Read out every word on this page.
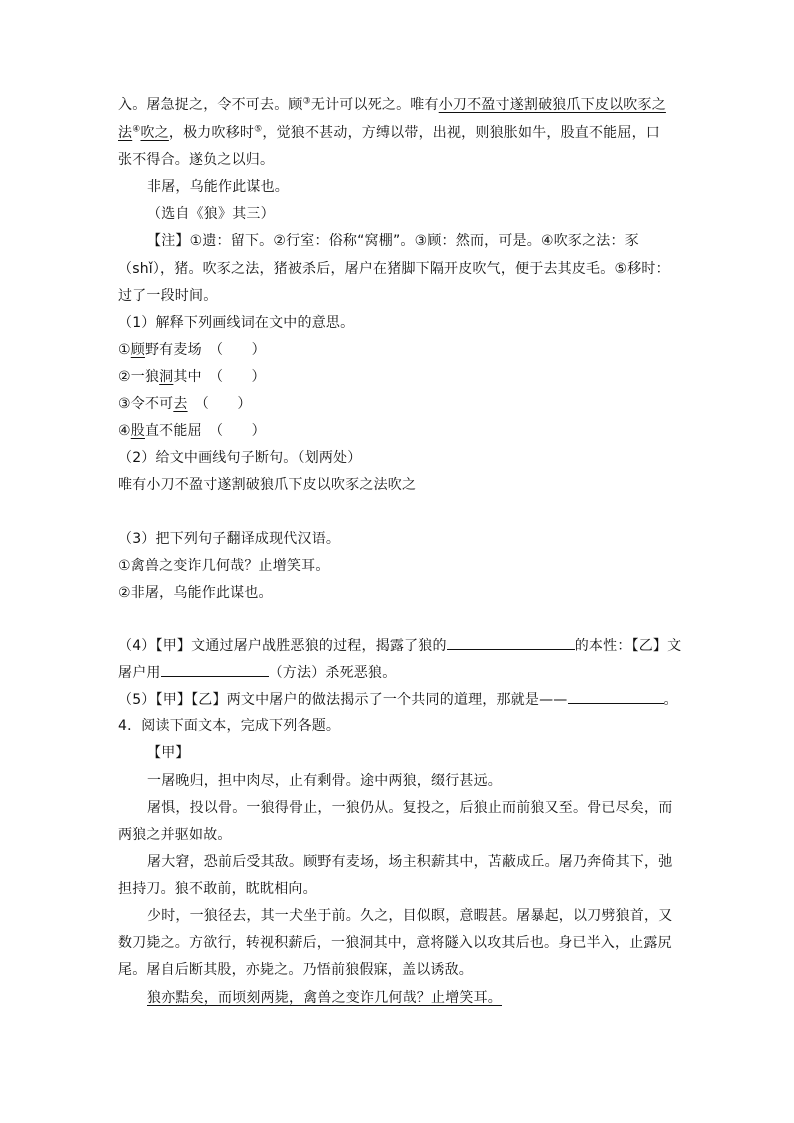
入。屠急捉之，令不可去。顾③无计可以死之。唯有小刀不盈寸遂割破狼爪下皮以吹豕之
法④吹之，极力吹移时⑤，觉狼不甚动，方缚以带，出视，则狼胀如牛，股直不能屈，口
张不得合。遂负之以归。
非屠，乌能作此谋也。
（选自《狼》其三）
【注】①遗：留下。②行室：俗称“窝棚”。③顾：然而，可是。④吹豕之法：豕
（shǐ），猪。吹豕之法，猪被杀后，屠户在猪脚下隔开皮吹气，便于去其皮毛。⑤移时：
过了一段时间。
（1）解释下列画线词在文中的意思。
①顾野有麦场　（　　）
②一狼洞其中　（　　）
③令不可去　（　　）
④股直不能屈　（　　）
（2）给文中画线句子断句。（划两处）
唯有小刀不盈寸遂割破狼爪下皮以吹豕之法吹之
（3）把下列句子翻译成现代汉语。
①禽兽之变诈几何哉？止增笑耳。
②非屠，乌能作此谋也。
（4）【甲】文通过屠户战胜恶狼的过程，揭露了狼的	的本性：【乙】文
屠户用	（方法）杀死恶狼。
（5）【甲】【乙】两文中屠户的做法揭示了一个共同的道理，那就是——	。
4．阅读下面文本，完成下列各题。
【甲】
一屠晚归，担中肉尽，止有剩骨。途中两狼，缀行甚远。
屠惧，投以骨。一狼得骨止，一狼仍从。复投之，后狼止而前狼又至。骨已尽矣，而
两狼之并驱如故。
屠大窘，恐前后受其敌。顾野有麦场，场主积薪其中，苫蔽成丘。屠乃奔倚其下，弛
担持刀。狼不敢前，眈眈相向。
少时，一狼径去，其一犬坐于前。久之，目似瞑，意暇甚。屠暴起，以刀劈狼首，又
数刀毙之。方欲行，转视积薪后，一狼洞其中，意将隧入以攻其后也。身已半入，止露尻
尾。屠自后断其股，亦毙之。乃悟前狼假寐，盖以诱敌。
狼亦黠矣，而顷刻两毙，禽兽之变诈几何哉？止增笑耳。
